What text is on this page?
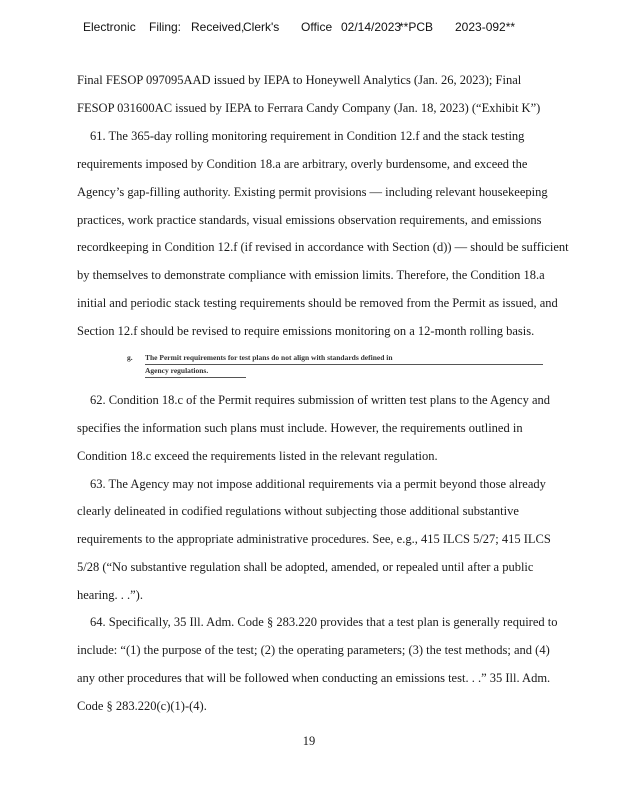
Electronic Filing: Received,Clerk's Office 02/14/2023**PCB 2023-092**
Final FESOP 097095AAD issued by IEPA to Honeywell Analytics (Jan. 26, 2023); Final
FESOP 031600AC issued by IEPA to Ferrara Candy Company (Jan. 18, 2023) (“Exhibit K”)
61. The 365-day rolling monitoring requirement in Condition 12.f and the stack testing
requirements imposed by Condition 18.a are arbitrary, overly burdensome, and exceed the
Agency’s gap-filling authority. Existing permit provisions — including relevant housekeeping
practices, work practice standards, visual emissions observation requirements, and emissions
recordkeeping in Condition 12.f (if revised in accordance with Section (d)) — should be sufficient
by themselves to demonstrate compliance with emission limits. Therefore, the Condition 18.a
initial and periodic stack testing requirements should be removed from the Permit as issued, and
Section 12.f should be revised to require emissions monitoring on a 12-month rolling basis.
g. The Permit requirements for test plans do not align with standards defined in
Agency regulations.
62. Condition 18.c of the Permit requires submission of written test plans to the Agency and
specifies the information such plans must include. However, the requirements outlined in
Condition 18.c exceed the requirements listed in the relevant regulation.
63. The Agency may not impose additional requirements via a permit beyond those already
clearly delineated in codified regulations without subjecting those additional substantive
requirements to the appropriate administrative procedures. See, e.g., 415 ILCS 5/27; 415 ILCS
5/28 (“No substantive regulation shall be adopted, amended, or repealed until after a public
hearing. . .”).
64. Specifically, 35 Ill. Adm. Code § 283.220 provides that a test plan is generally required to
include: “(1) the purpose of the test; (2) the operating parameters; (3) the test methods; and (4)
any other procedures that will be followed when conducting an emissions test. . .” 35 Ill. Adm.
Code § 283.220(c)(1)-(4).
19
